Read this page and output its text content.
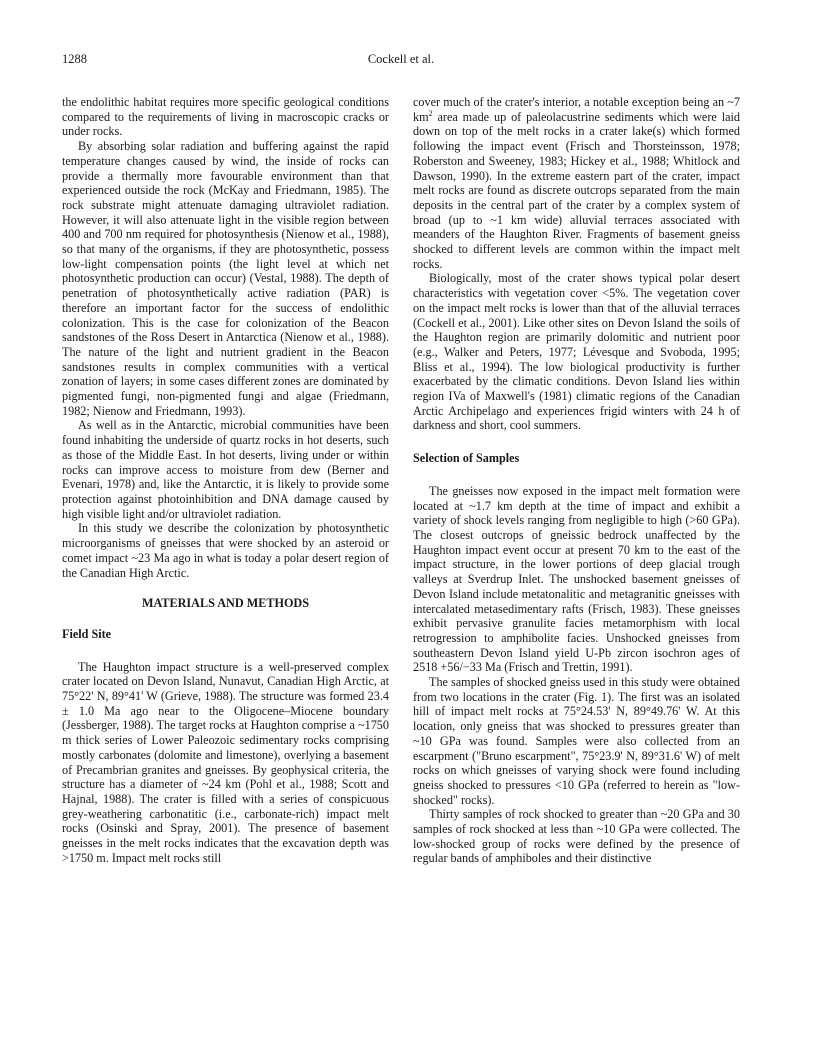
1288	Cockell et al.

the endolithic habitat requires more specific geological conditions compared to the requirements of living in macroscopic cracks or under rocks.

By absorbing solar radiation and buffering against the rapid temperature changes caused by wind, the inside of rocks can provide a thermally more favourable environment than that experienced outside the rock (McKay and Friedmann, 1985). The rock substrate might attenuate damaging ultraviolet radiation. However, it will also attenuate light in the visible region between 400 and 700 nm required for photosynthesis (Nienow et al., 1988), so that many of the organisms, if they are photosynthetic, possess low-light compensation points (the light level at which net photosynthetic production can occur) (Vestal, 1988). The depth of penetration of photosynthetically active radiation (PAR) is therefore an important factor for the success of endolithic colonization. This is the case for colonization of the Beacon sandstones of the Ross Desert in Antarctica (Nienow et al., 1988). The nature of the light and nutrient gradient in the Beacon sandstones results in complex communities with a vertical zonation of layers; in some cases different zones are dominated by pigmented fungi, non-pigmented fungi and algae (Friedmann, 1982; Nienow and Friedmann, 1993).

As well as in the Antarctic, microbial communities have been found inhabiting the underside of quartz rocks in hot deserts, such as those of the Middle East. In hot deserts, living under or within rocks can improve access to moisture from dew (Berner and Evenari, 1978) and, like the Antarctic, it is likely to provide some protection against photoinhibition and DNA damage caused by high visible light and/or ultraviolet radiation.

In this study we describe the colonization by photosynthetic microorganisms of gneisses that were shocked by an asteroid or comet impact ~23 Ma ago in what is today a polar desert region of the Canadian High Arctic.

MATERIALS AND METHODS

Field Site

The Haughton impact structure is a well-preserved complex crater located on Devon Island, Nunavut, Canadian High Arctic, at 75°22' N, 89°41' W (Grieve, 1988). The structure was formed 23.4 ± 1.0 Ma ago near to the Oligocene–Miocene boundary (Jessberger, 1988). The target rocks at Haughton comprise a ~1750 m thick series of Lower Paleozoic sedimentary rocks comprising mostly carbonates (dolomite and limestone), overlying a basement of Precambrian granites and gneisses. By geophysical criteria, the structure has a diameter of ~24 km (Pohl et al., 1988; Scott and Hajnal, 1988). The crater is filled with a series of conspicuous grey-weathering carbonatitic (i.e., carbonate-rich) impact melt rocks (Osinski and Spray, 2001). The presence of basement gneisses in the melt rocks indicates that the excavation depth was >1750 m. Impact melt rocks still

cover much of the crater's interior, a notable exception being an ~7 $km^2$ area made up of paleolacustrine sediments which were laid down on top of the melt rocks in a crater lake(s) which formed following the impact event (Frisch and Thorsteinsson, 1978; Roberston and Sweeney, 1983; Hickey et al., 1988; Whitlock and Dawson, 1990). In the extreme eastern part of the crater, impact melt rocks are found as discrete outcrops separated from the main deposits in the central part of the crater by a complex system of broad (up to ~1 km wide) alluvial terraces associated with meanders of the Haughton River. Fragments of basement gneiss shocked to different levels are common within the impact melt rocks.

Biologically, most of the crater shows typical polar desert characteristics with vegetation cover <5%. The vegetation cover on the impact melt rocks is lower than that of the alluvial terraces (Cockell et al., 2001). Like other sites on Devon Island the soils of the Haughton region are primarily dolomitic and nutrient poor (e.g., Walker and Peters, 1977; Lévesque and Svoboda, 1995; Bliss et al., 1994). The low biological productivity is further exacerbated by the climatic conditions. Devon Island lies within region IVa of Maxwell's (1981) climatic regions of the Canadian Arctic Archipelago and experiences frigid winters with 24 h of darkness and short, cool summers.

Selection of Samples

The gneisses now exposed in the impact melt formation were located at ~1.7 km depth at the time of impact and exhibit a variety of shock levels ranging from negligible to high (>60 GPa). The closest outcrops of gneissic bedrock unaffected by the Haughton impact event occur at present 70 km to the east of the impact structure, in the lower portions of deep glacial trough valleys at Sverdrup Inlet. The unshocked basement gneisses of Devon Island include metatonalitic and metagranitic gneisses with intercalated metasedimentary rafts (Frisch, 1983). These gneisses exhibit pervasive granulite facies metamorphism with local retrogression to amphibolite facies. Unshocked gneisses from southeastern Devon Island yield U-Pb zircon isochron ages of 2518 +56/−33 Ma (Frisch and Trettin, 1991).

The samples of shocked gneiss used in this study were obtained from two locations in the crater (Fig. 1). The first was an isolated hill of impact melt rocks at 75°24.53' N, 89°49.76' W. At this location, only gneiss that was shocked to pressures greater than ~10 GPa was found. Samples were also collected from an escarpment ("Bruno escarpment", 75°23.9' N, 89°31.6' W) of melt rocks on which gneisses of varying shock were found including gneiss shocked to pressures <10 GPa (referred to herein as "low-shocked" rocks).

Thirty samples of rock shocked to greater than ~20 GPa and 30 samples of rock shocked at less than ~10 GPa were collected. The low-shocked group of rocks were defined by the presence of regular bands of amphiboles and their distinctive
